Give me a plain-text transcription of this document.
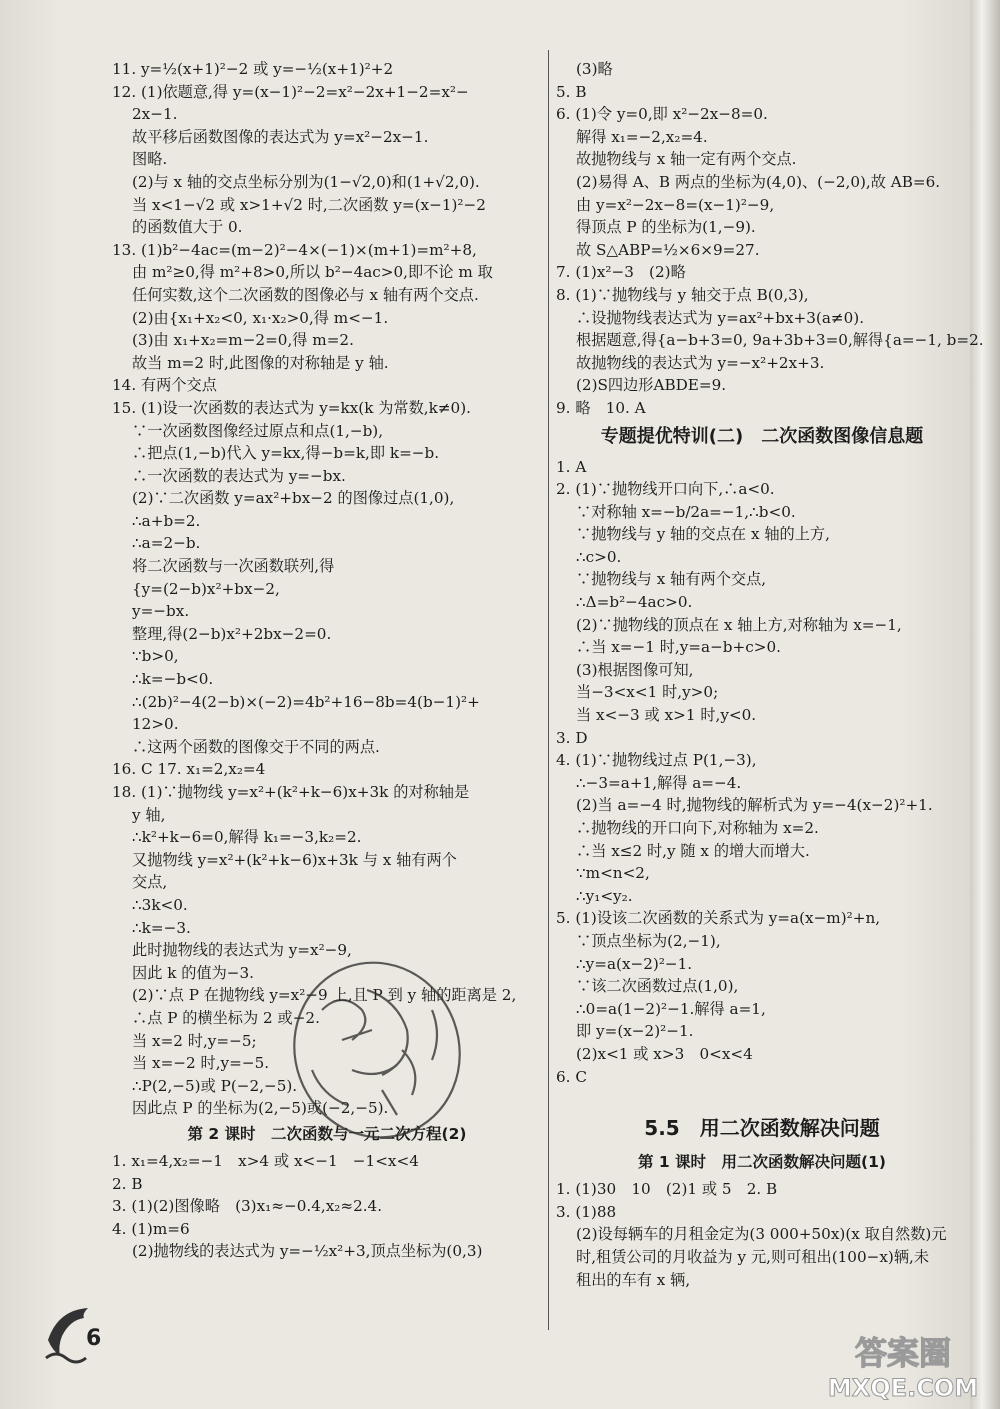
11. y=½(x+1)²−2 或 y=−½(x+1)²+2
12. (1)依题意,得 y=(x−1)²−2=x²−2x+1−2=x²−
2x−1.
故平移后函数图像的表达式为 y=x²−2x−1.
图略.
(2)与 x 轴的交点坐标分别为(1−√2,0)和(1+√2,0).
当 x<1−√2 或 x>1+√2 时,二次函数 y=(x−1)²−2
的函数值大于 0.
13. (1)b²−4ac=(m−2)²−4×(−1)×(m+1)=m²+8,
由 m²≥0,得 m²+8>0,所以 b²−4ac>0,即不论 m 取
任何实数,这个二次函数的图像必与 x 轴有两个交点.
(2)由{x₁+x₂<0, x₁·x₂>0,得 m<−1.
(3)由 x₁+x₂=m−2=0,得 m=2.
故当 m=2 时,此图像的对称轴是 y 轴.
14. 有两个交点
15. (1)设一次函数的表达式为 y=kx(k 为常数,k≠0).
∵一次函数图像经过原点和点(1,−b),
∴把点(1,−b)代入 y=kx,得−b=k,即 k=−b.
∴一次函数的表达式为 y=−bx.
(2)∵二次函数 y=ax²+bx−2 的图像过点(1,0),
∴a+b=2.
∴a=2−b.
将二次函数与一次函数联列,得
{y=(2−b)x²+bx−2,
y=−bx.
整理,得(2−b)x²+2bx−2=0.
∵b>0,
∴k=−b<0.
∴(2b)²−4(2−b)×(−2)=4b²+16−8b=4(b−1)²+
12>0.
∴这两个函数的图像交于不同的两点.
16. C 17. x₁=2,x₂=4
18. (1)∵抛物线 y=x²+(k²+k−6)x+3k 的对称轴是
y 轴,
∴k²+k−6=0,解得 k₁=−3,k₂=2.
又抛物线 y=x²+(k²+k−6)x+3k 与 x 轴有两个
交点,
∴3k<0.
∴k=−3.
此时抛物线的表达式为 y=x²−9,
因此 k 的值为−3.
(2)∵点 P 在抛物线 y=x²−9 上,且 P 到 y 轴的距离是 2,
∴点 P 的横坐标为 2 或−2.
当 x=2 时,y=−5;
当 x=−2 时,y=−5.
∴P(2,−5)或 P(−2,−5).
因此点 P 的坐标为(2,−5)或(−2,−5).
第 2 课时　二次函数与一元二次方程(2)
1. x₁=4,x₂=−1　x>4 或 x<−1　−1<x<4
2. B
3. (1)(2)图像略　(3)x₁≈−0.4,x₂≈2.4.
4. (1)m=6
(2)抛物线的表达式为 y=−½x²+3,顶点坐标为(0,3)
(3)略
5. B
6. (1)令 y=0,即 x²−2x−8=0.
解得 x₁=−2,x₂=4.
故抛物线与 x 轴一定有两个交点.
(2)易得 A、B 两点的坐标为(4,0)、(−2,0),故 AB=6.
由 y=x²−2x−8=(x−1)²−9,
得顶点 P 的坐标为(1,−9).
故 S△ABP=½×6×9=27.
7. (1)x²−3　(2)略
8. (1)∵抛物线与 y 轴交于点 B(0,3),
∴设抛物线表达式为 y=ax²+bx+3(a≠0).
根据题意,得{a−b+3=0, 9a+3b+3=0,解得{a=−1, b=2.
故抛物线的表达式为 y=−x²+2x+3.
(2)S四边形ABDE=9.
9. 略　10. A
专题提优特训(二)　二次函数图像信息题
1. A
2. (1)∵抛物线开口向下,∴a<0.
∵对称轴 x=−b/2a=−1,∴b<0.
∵抛物线与 y 轴的交点在 x 轴的上方,
∴c>0.
∵抛物线与 x 轴有两个交点,
∴Δ=b²−4ac>0.
(2)∵抛物线的顶点在 x 轴上方,对称轴为 x=−1,
∴当 x=−1 时,y=a−b+c>0.
(3)根据图像可知,
当−3<x<1 时,y>0;
当 x<−3 或 x>1 时,y<0.
3. D
4. (1)∵抛物线过点 P(1,−3),
∴−3=a+1,解得 a=−4.
(2)当 a=−4 时,抛物线的解析式为 y=−4(x−2)²+1.
∴抛物线的开口向下,对称轴为 x=2.
∴当 x≤2 时,y 随 x 的增大而增大.
∵m<n<2,
∴y₁<y₂.
5. (1)设该二次函数的关系式为 y=a(x−m)²+n,
∵顶点坐标为(2,−1),
∴y=a(x−2)²−1.
∵该二次函数过点(1,0),
∴0=a(1−2)²−1.解得 a=1,
即 y=(x−2)²−1.
(2)x<1 或 x>3　0<x<4
6. C
5.5　用二次函数解决问题
第 1 课时　用二次函数解决问题(1)
1. (1)30　10　(2)1 或 5　2. B
3. (1)88
(2)设每辆车的月租金定为(3 000+50x)(x 取自然数)元
时,租赁公司的月收益为 y 元,则可租出(100−x)辆,未
租出的车有 x 辆,
6	答案圈
MXQE.COM
